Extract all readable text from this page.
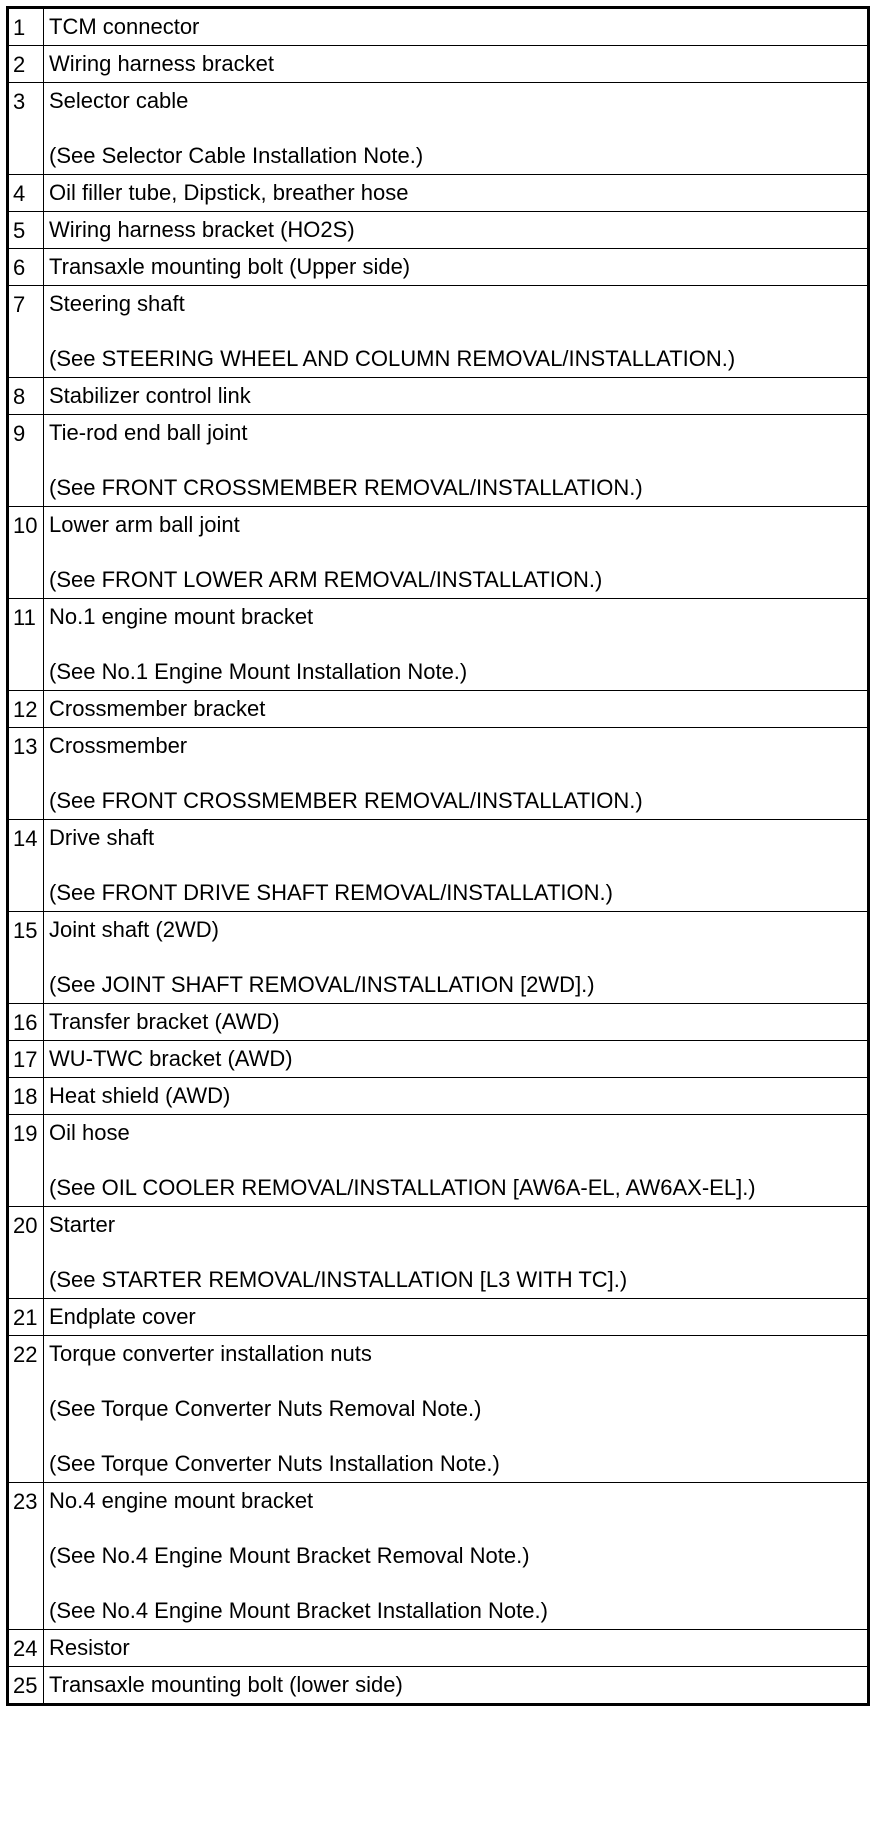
1	TCM connector

2	Wiring harness bracket

3	Selector cable
(See Selector Cable Installation Note.)

4	Oil filler tube, Dipstick, breather hose

5	Wiring harness bracket (HO2S)

6	Transaxle mounting bolt (Upper side)

7	Steering shaft
(See STEERING WHEEL AND COLUMN REMOVAL/INSTALLATION.)

8	Stabilizer control link

9	Tie-rod end ball joint
(See FRONT CROSSMEMBER REMOVAL/INSTALLATION.)

10	Lower arm ball joint
(See FRONT LOWER ARM REMOVAL/INSTALLATION.)

11	No.1 engine mount bracket
(See No.1 Engine Mount Installation Note.)

12	Crossmember bracket

13	Crossmember
(See FRONT CROSSMEMBER REMOVAL/INSTALLATION.)

14	Drive shaft
(See FRONT DRIVE SHAFT REMOVAL/INSTALLATION.)

15	Joint shaft (2WD)
(See JOINT SHAFT REMOVAL/INSTALLATION [2WD].)

16	Transfer bracket (AWD)

17	WU-TWC bracket (AWD)

18	Heat shield (AWD)

19	Oil hose
(See OIL COOLER REMOVAL/INSTALLATION [AW6A-EL, AW6AX-EL].)

20	Starter
(See STARTER REMOVAL/INSTALLATION [L3 WITH TC].)

21	Endplate cover

22	Torque converter installation nuts
(See Torque Converter Nuts Removal Note.)
(See Torque Converter Nuts Installation Note.)

23	No.4 engine mount bracket
(See No.4 Engine Mount Bracket Removal Note.)
(See No.4 Engine Mount Bracket Installation Note.)

24	Resistor

25	Transaxle mounting bolt (lower side)
